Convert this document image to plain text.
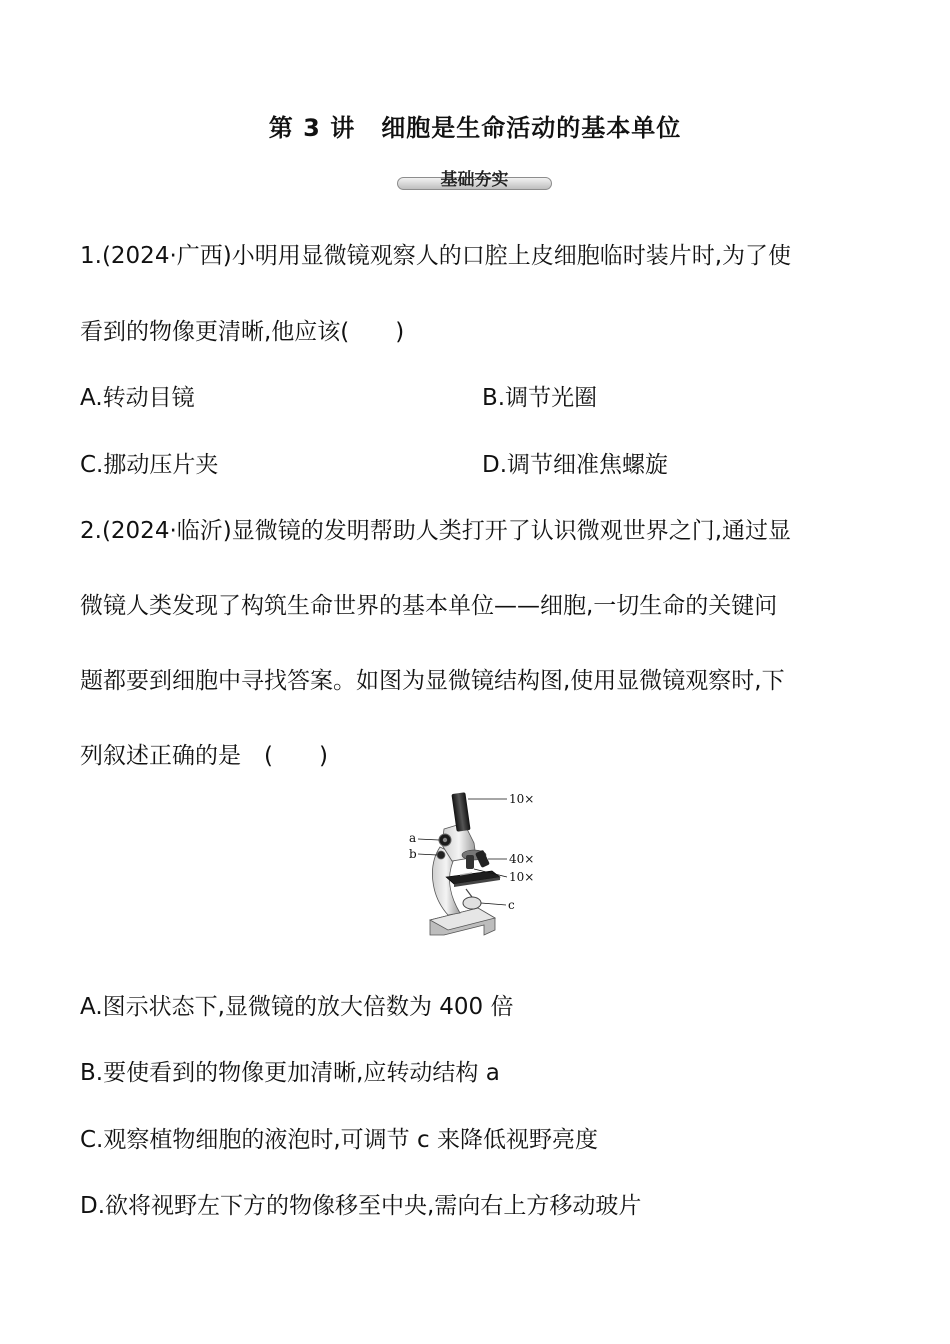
第 3 讲 细胞是生命活动的基本单位
基础夯实
1.(2024·广西)小明用显微镜观察人的口腔上皮细胞临时装片时,为了使
看到的物像更清晰,他应该(　　)
A.转动目镜	B.调节光圈
C.挪动压片夹	D.调节细准焦螺旋
2.(2024·临沂)显微镜的发明帮助人类打开了认识微观世界之门,通过显
微镜人类发现了构筑生命世界的基本单位——细胞,一切生命的关键问
题都要到细胞中寻找答案。如图为显微镜结构图,使用显微镜观察时,下
列叙述正确的是　(　　)
10×
a
b	40×
10×
c
A.图示状态下,显微镜的放大倍数为 400 倍
B.要使看到的物像更加清晰,应转动结构 a
C.观察植物细胞的液泡时,可调节 c 来降低视野亮度
D.欲将视野左下方的物像移至中央,需向右上方移动玻片
